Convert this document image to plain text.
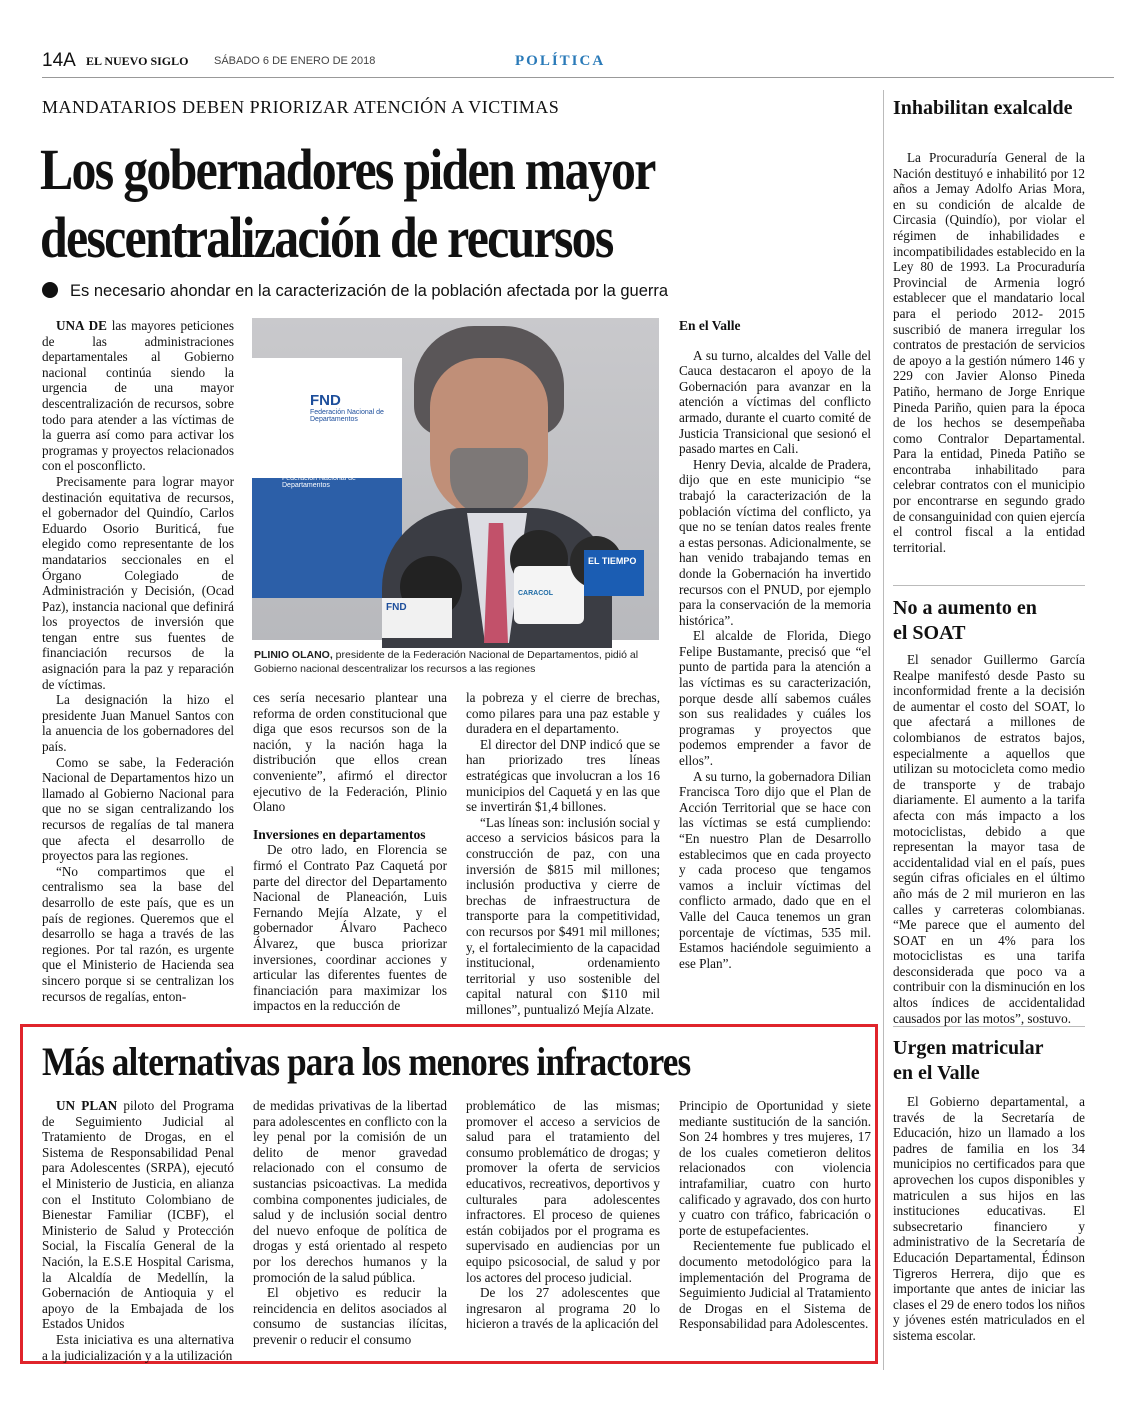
14A EL NUEVO SIGLO SÁBADO 6 DE ENERO DE 2018	POLÍTICA
MANDATARIOS DEBEN PRIORIZAR ATENCIÓN A VICTIMAS
Los gobernadores piden mayor
descentralización de recursos
Es necesario ahondar en la caracterización de la población afectada por la guerra

UNA DE las mayores peticiones de las administraciones departamentales al Gobierno nacional continúa siendo la urgencia de una mayor descentralización de recursos, sobre todo para atender a las víctimas de la guerra así como para activar los programas y proyectos relacionados con el posconflicto.

Precisamente para lograr mayor destinación equitativa de recursos, el gobernador del Quindío, Carlos Eduardo Osorio Buriticá, fue elegido como representante de los mandatarios seccionales en el Órgano Colegiado de Administración y Decisión, (Ocad Paz), instancia nacional que definirá los proyectos de inversión que tengan entre sus fuentes de financiación recursos de la asignación para la paz y reparación de víctimas.

La designación la hizo el presidente Juan Manuel Santos con la anuencia de los gobernadores del país.

Como se sabe, la Federación Nacional de Departamentos hizo un llamado al Gobierno Nacional para que no se sigan centralizando los recursos de regalías de tal manera que afecta el desarrollo de proyectos para las regiones.

“No compartimos que el centralismo sea la base del desarrollo de este país, que es un país de regiones. Queremos que el desarrollo se haga a través de las regiones. Por tal razón, es urgente que el Ministerio de Hacienda sea sincero porque si se centralizan los recursos de regalías, enton-

FND
Federación Nacional de Departamentos
FND
Federación Nacional de Departamentos
FND
CARACOL
EL TIEMPO
PLINIO OLANO, presidente de la Federación Nacional de Departamentos, pidió al Gobierno nacional descentralizar los recursos a las regiones

ces sería necesario plantear una reforma de orden constitucional que diga que esos recursos son de la nación, y la nación haga la distribución que ellos crean conveniente”, afirmó el director ejecutivo de la Federación, Plinio Olano

Inversiones en departamentos

De otro lado, en Florencia se firmó el Contrato Paz Caquetá por parte del director del Departamento Nacional de Planeación, Luis Fernando Mejía Alzate, y el gobernador Álvaro Pacheco Álvarez, que busca priorizar inversiones, coordinar acciones y articular las diferentes fuentes de financiación para maximizar los impactos en la reducción de

la pobreza y el cierre de brechas, como pilares para una paz estable y duradera en el departamento.

El director del DNP indicó que se han priorizado tres líneas estratégicas que involucran a los 16 municipios del Caquetá y en las que se invertirán $1,4 billones.

“Las líneas son: inclusión social y acceso a servicios básicos para la construcción de paz, con una inversión de $815 mil millones; inclusión productiva y cierre de brechas de infraestructura de transporte para la competitividad, con recursos por $491 mil millones; y, el fortalecimiento de la capacidad institucional, ordenamiento territorial y uso sostenible del capital natural con $110 mil millones”, puntualizó Mejía Alzate.

En el Valle

A su turno, alcaldes del Valle del Cauca destacaron el apoyo de la Gobernación para avanzar en la atención a víctimas del conflicto armado, durante el cuarto comité de Justicia Transicional que sesionó el pasado martes en Cali.

Henry Devia, alcalde de Pradera, dijo que en este municipio “se trabajó la caracterización de la población víctima del conflicto, ya que no se tenían datos reales frente a estas personas. Adicionalmente, se han venido trabajando temas en donde la Gobernación ha invertido recursos con el PNUD, por ejemplo para la conservación de la memoria histórica”.

El alcalde de Florida, Diego Felipe Bustamante, precisó que “el punto de partida para la atención a las víctimas es su caracterización, porque desde allí sabemos cuáles son sus realidades y cuáles los programas y proyectos que podemos emprender a favor de ellos”.

A su turno, la gobernadora Dilian Francisca Toro dijo que el Plan de Acción Territorial que se hace con las víctimas se está cumpliendo: “En nuestro Plan de Desarrollo establecimos que en cada proyecto y cada proceso que tengamos vamos a incluir víctimas del conflicto armado, dado que en el Valle del Cauca tenemos un gran porcentaje de víctimas, 535 mil. Estamos haciéndole seguimiento a ese Plan”.

Más alternativas para los menores infractores

UN PLAN piloto del Programa de Seguimiento Judicial al Tratamiento de Drogas, en el Sistema de Responsabilidad Penal para Adolescentes (SRPA), ejecutó el Ministerio de Justicia, en alianza con el Instituto Colombiano de Bienestar Familiar (ICBF), el Ministerio de Salud y Protección Social, la Fiscalía General de la Nación, la E.S.E Hospital Carisma, la Alcaldía de Medellín, la Gobernación de Antioquia y el apoyo de la Embajada de los Estados Unidos

Esta iniciativa es una alternativa a la judicialización y a la utilización

de medidas privativas de la libertad para adolescentes en conflicto con la ley penal por la comisión de un delito de menor gravedad relacionado con el consumo de sustancias psicoactivas. La medida combina componentes judiciales, de salud y de inclusión social dentro del nuevo enfoque de política de drogas y está orientado al respeto por los derechos humanos y la promoción de la salud pública.

El objetivo es reducir la reincidencia en delitos asociados al consumo de sustancias ilícitas, prevenir o reducir el consumo

problemático de las mismas; promover el acceso a servicios de salud para el tratamiento del consumo problemático de drogas; y promover la oferta de servicios educativos, recreativos, deportivos y culturales para adolescentes infractores. El proceso de quienes están cobijados por el programa es supervisado en audiencias por un equipo psicosocial, de salud y por los actores del proceso judicial.

De los 27 adolescentes que ingresaron al programa 20 lo hicieron a través de la aplicación del

Principio de Oportunidad y siete mediante sustitución de la sanción. Son 24 hombres y tres mujeres, 17 de los cuales cometieron delitos relacionados con violencia intrafamiliar, cuatro con hurto calificado y agravado, dos con hurto y cuatro con tráfico, fabricación o porte de estupefacientes.

Recientemente fue publicado el documento metodológico para la implementación del Programa de Seguimiento Judicial al Tratamiento de Drogas en el Sistema de Responsabilidad para Adolescentes.

Inhabilitan exalcalde

La Procuraduría General de la Nación destituyó e inhabilitó por 12 años a Jemay Adolfo Arias Mora, en su condición de alcalde de Circasia (Quindío), por violar el régimen de inhabilidades e incompatibilidades establecido en la Ley 80 de 1993. La Procuraduría Provincial de Armenia logró establecer que el mandatario local para el periodo 2012- 2015 suscribió de manera irregular los contratos de prestación de servicios de apoyo a la gestión número 146 y 229 con Javier Alonso Pineda Patiño, hermano de Jorge Enrique Pineda Pariño, quien para la época de los hechos se desempeñaba como Contralor Departamental. Para la entidad, Pineda Patiño se encontraba inhabilitado para celebrar contratos con el municipio por encontrarse en segundo grado de consanguinidad con quien ejercía el control fiscal a la entidad territorial.

No a aumento en el SOAT

El senador Guillermo García Realpe manifestó desde Pasto su inconformidad frente a la decisión de aumentar el costo del SOAT, lo que afectará a millones de colombianos de estratos bajos, especialmente a aquellos que utilizan su motocicleta como medio de transporte y de trabajo diariamente. El aumento a la tarifa afecta con más impacto a los motociclistas, debido a que representan la mayor tasa de accidentalidad vial en el país, pues según cifras oficiales en el último año más de 2 mil murieron en las calles y carreteras colombianas. “Me parece que el aumento del SOAT en un 4% para los motociclistas es una tarifa desconsiderada que poco va a contribuir con la disminución en los altos índices de accidentalidad causados por las motos”, sostuvo.

Urgen matricular en el Valle

El Gobierno departamental, a través de la Secretaría de Educación, hizo un llamado a los padres de familia en los 34 municipios no certificados para que aprovechen los cupos disponibles y matriculen a sus hijos en las instituciones educativas. El subsecretario financiero y administrativo de la Secretaría de Educación Departamental, Édinson Tigreros Herrera, dijo que es importante que antes de iniciar las clases el 29 de enero todos los niños y jóvenes estén matriculados en el sistema escolar.
